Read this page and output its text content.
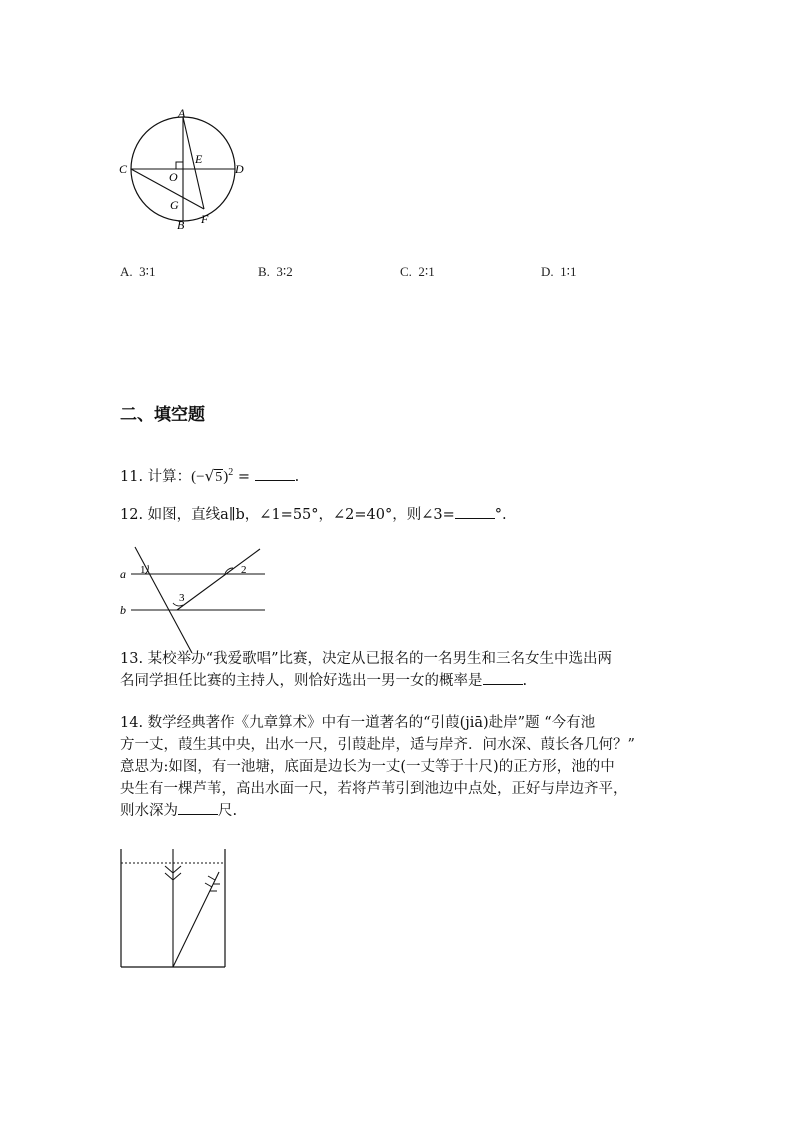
A
C	D
E
O
G
B F
A. 3∶1	B. 3∶2	C. 2∶1	D. 1∶1
二、填空题
11. 计算：$(-√5)^2$ =	.
12. 如图，直线a∥b，∠1=55°，∠2=40°，则∠3=	°.
a
b
1	2
3
13. 某校举办“我爱歌唱”比赛，决定从已报名的一名男生和三名女生中选出两
名同学担任比赛的主持人，则恰好选出一男一女的概率是	.
14. 数学经典著作《九章算术》中有一道著名的“引葭(jiā)赴岸”题 “今有池
方一丈，葭生其中央，出水一尺，引葭赴岸，适与岸齐．问水深、葭长各几何？”
意思为:如图，有一池塘，底面是边长为一丈(一丈等于十尺)的正方形，池的中
央生有一棵芦苇，高出水面一尺，若将芦苇引到池边中点处，正好与岸边齐平，
则水深为	尺.
